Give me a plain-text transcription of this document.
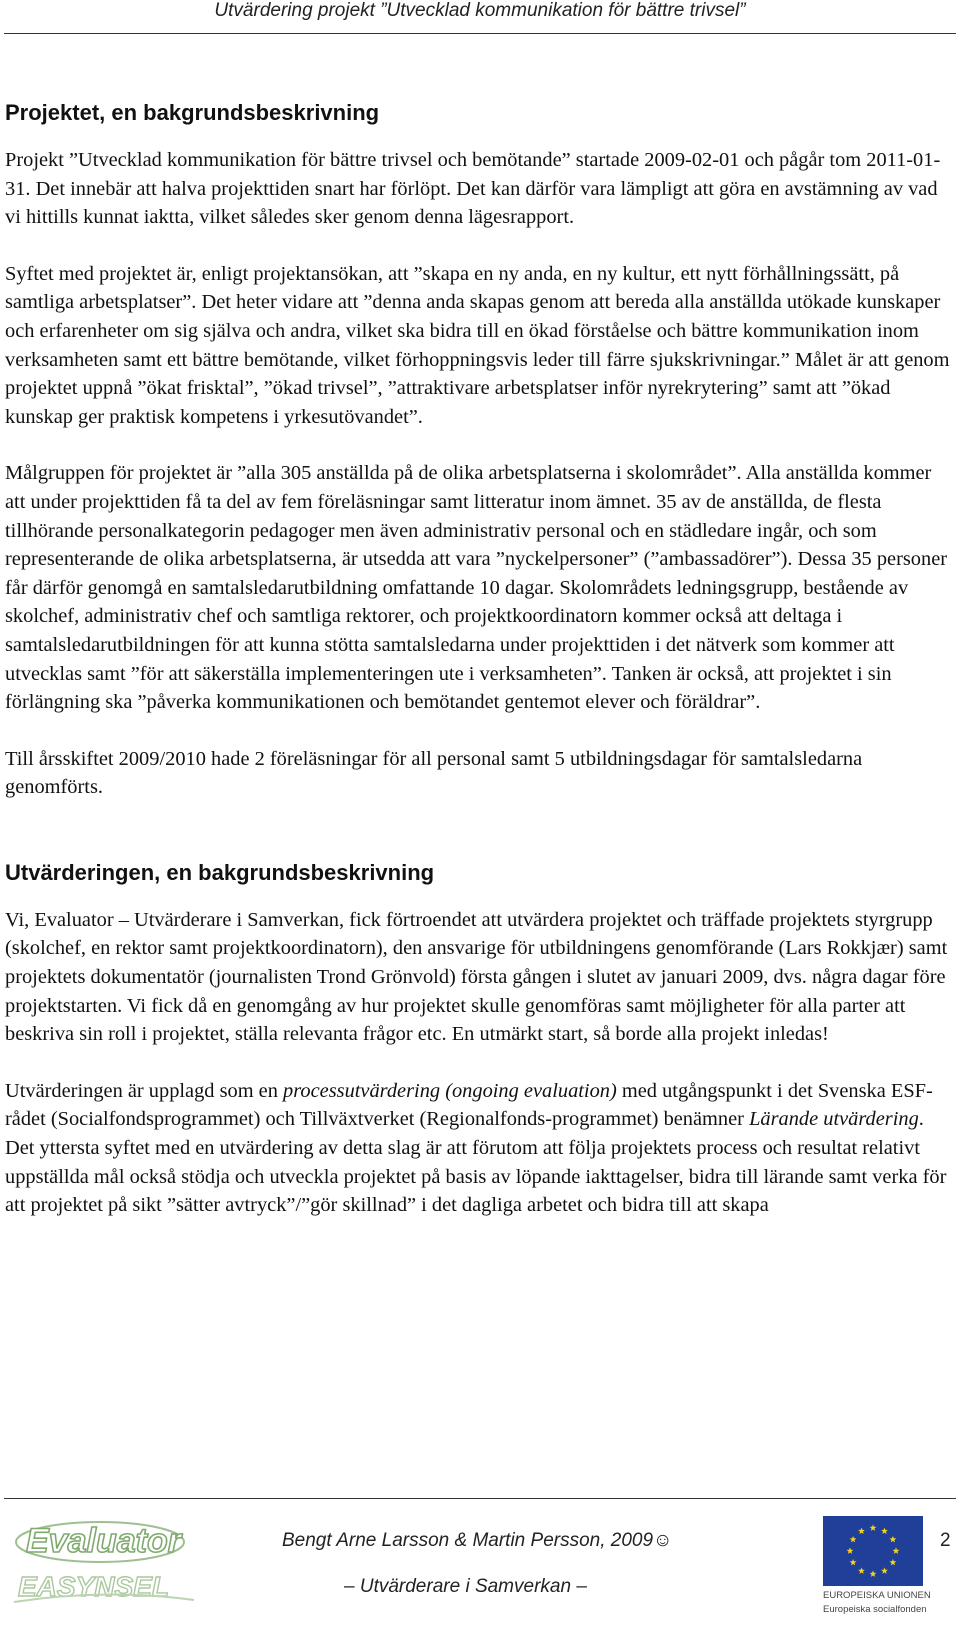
Utvärdering projekt ”Utvecklad kommunikation för bättre trivsel”
Projektet, en bakgrundsbeskrivning

Projekt ”Utvecklad kommunikation för bättre trivsel och bemötande” startade 2009-02-01 och pågår tom 2011-01-31. Det innebär att halva projekttiden snart har förlöpt. Det kan därför vara lämpligt att göra en avstämning av vad vi hittills kunnat iaktta, vilket således sker genom denna lägesrapport.

Syftet med projektet är, enligt projektansökan, att ”skapa en ny anda, en ny kultur, ett nytt förhållningssätt, på samtliga arbetsplatser”. Det heter vidare att ”denna anda skapas genom att bereda alla anställda utökade kunskaper och erfarenheter om sig själva och andra, vilket ska bidra till en ökad förståelse och bättre kommunikation inom verksamheten samt ett bättre bemötande, vilket förhoppningsvis leder till färre sjukskrivningar.” Målet är att genom projektet uppnå ”ökat frisktal”, ”ökad trivsel”, ”attraktivare arbetsplatser inför nyrekrytering” samt att ”ökad kunskap ger praktisk kompetens i yrkesutövandet”.

Målgruppen för projektet är ”alla 305 anställda på de olika arbetsplatserna i skolområdet”. Alla anställda kommer att under projekttiden få ta del av fem föreläsningar samt litteratur inom ämnet. 35 av de anställda, de flesta tillhörande personalkategorin pedagoger men även administrativ personal och en städledare ingår, och som representerande de olika arbetsplatserna, är utsedda att vara ”nyckelpersoner” (”ambassadörer”). Dessa 35 personer får därför genomgå en samtalsledarutbildning omfattande 10 dagar. Skolområdets ledningsgrupp, bestående av skolchef, administrativ chef och samtliga rektorer, och projektkoordinatorn kommer också att deltaga i samtalsledarutbildningen för att kunna stötta samtalsledarna under projekttiden i det nätverk som kommer att utvecklas samt ”för att säkerställa implementeringen ute i verksamheten”. Tanken är också, att projektet i sin förlängning ska ”påverka kommunikationen och bemötandet gentemot elever och föräldrar”.

Till årsskiftet 2009/2010 hade 2 föreläsningar för all personal samt 5 utbildningsdagar för samtalsledarna genomförts.

Utvärderingen, en bakgrundsbeskrivning

Vi, Evaluator – Utvärderare i Samverkan, fick förtroendet att utvärdera projektet och träffade projektets styrgrupp (skolchef, en rektor samt projektkoordinatorn), den ansvarige för utbildningens genomförande (Lars Rokkjær) samt projektets dokumentatör (journalisten Trond Grönvold) första gången i slutet av januari 2009, dvs. några dagar före projektstarten. Vi fick då en genomgång av hur projektet skulle genomföras samt möjligheter för alla parter att beskriva sin roll i projektet, ställa relevanta frågor etc. En utmärkt start, så borde alla projekt inledas!

Utvärderingen är upplagd som en processutvärdering (ongoing evaluation) med utgångspunkt i det Svenska ESF-rådet (Socialfondsprogrammet) och Tillväxtverket (Regionalfonds-programmet) benämner Lärande utvärdering. Det yttersta syftet med en utvärdering av detta slag är att förutom att följa projektets process och resultat relativt uppställda mål också stödja och utveckla projektet på basis av löpande iakttagelser, bidra till lärande samt verka för att projektet på sikt ”sätter avtryck”/”gör skillnad” i det dagliga arbetet och bidra till att skapa

Evaluator
EASYNSEL
Bengt Arne Larsson & Martin Persson, 2009☺
– Utvärderare i Samverkan –
2
EUROPEISKA UNIONEN
Europeiska socialfonden
